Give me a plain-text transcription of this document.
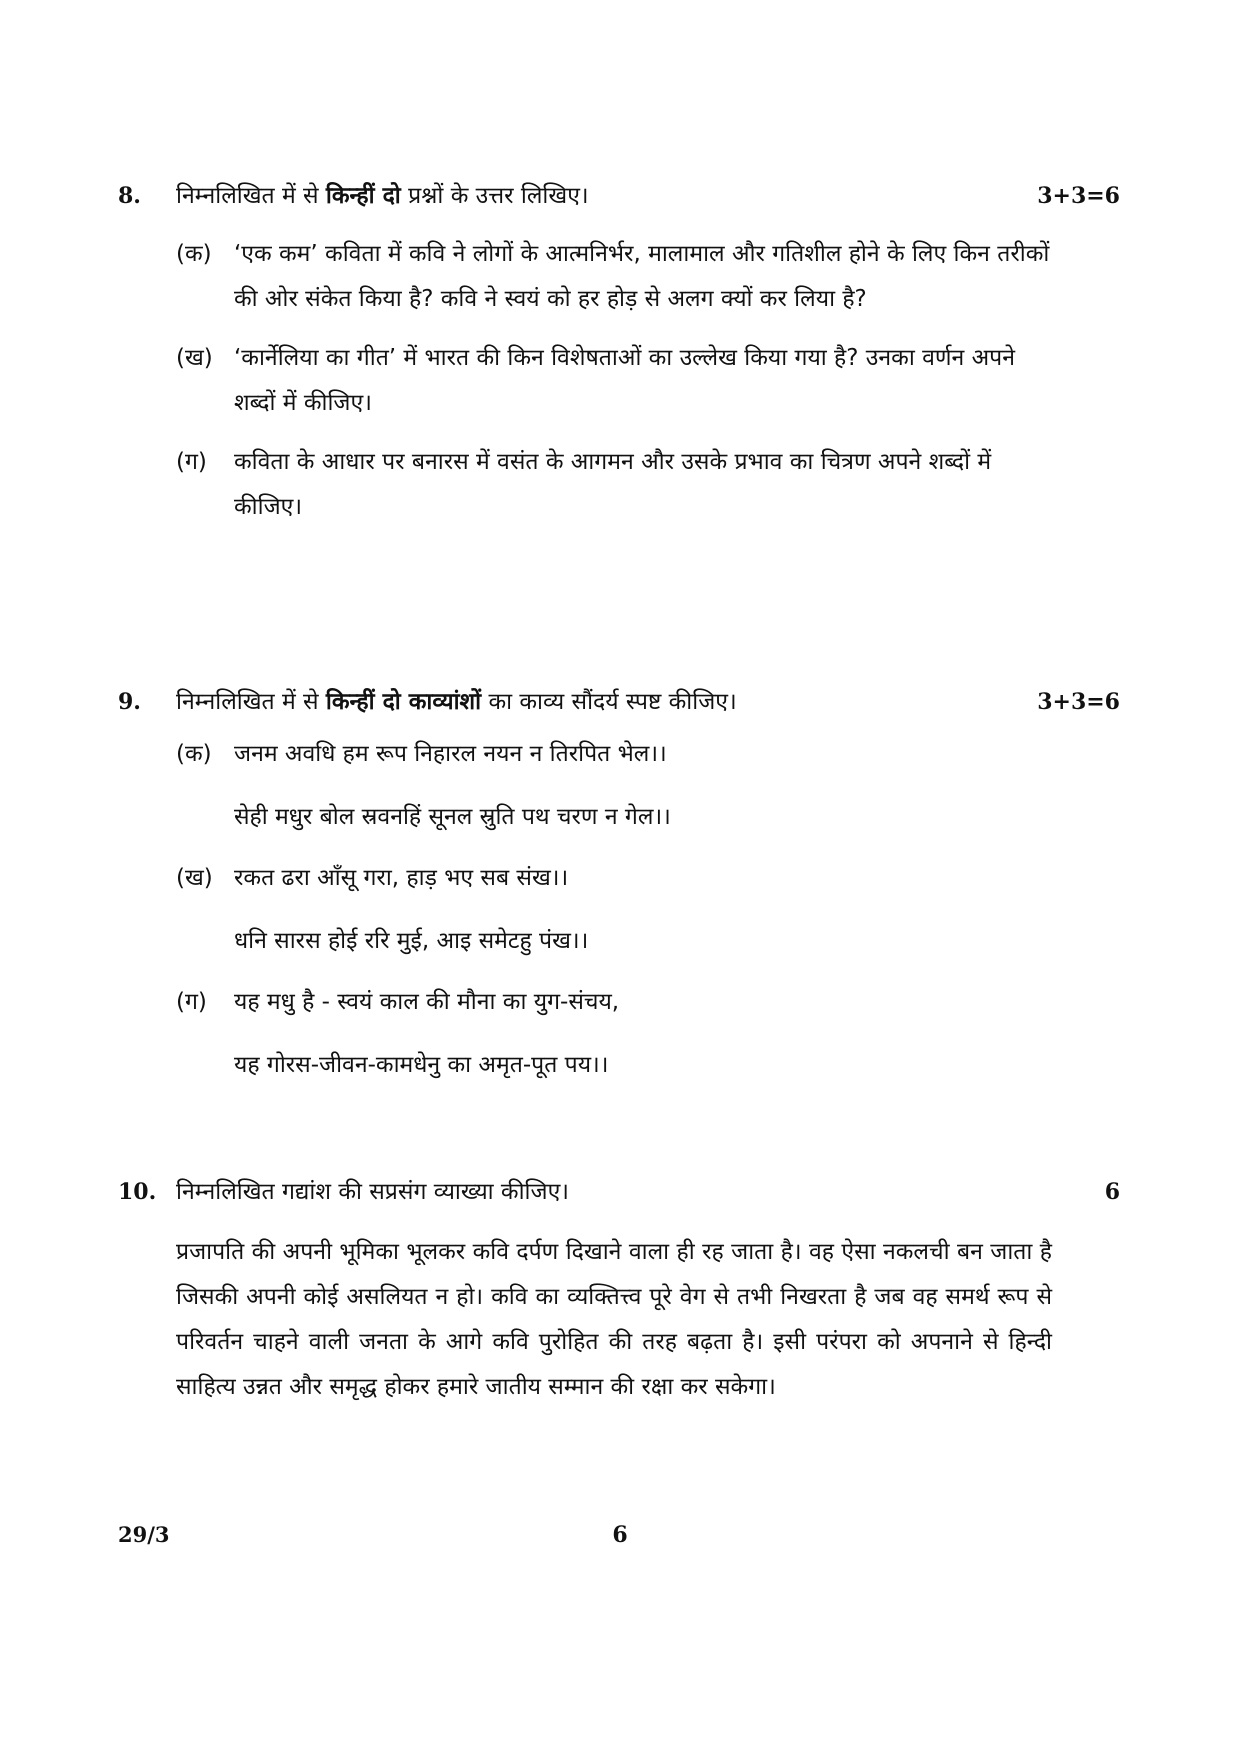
8. निम्नलिखित में से किन्हीं दो प्रश्नों के उत्तर लिखिए।	3+3=6
(क) ‘एक कम’ कविता में कवि ने लोगों के आत्मनिर्भर, मालामाल और गतिशील होने के लिए किन तरीकों की ओर संकेत किया है? कवि ने स्वयं को हर होड़ से अलग क्यों कर लिया है?
(ख) ‘कार्नेलिया का गीत’ में भारत की किन विशेषताओं का उल्लेख किया गया है? उनका वर्णन अपने शब्दों में कीजिए।
(ग) कविता के आधार पर बनारस में वसंत के आगमन और उसके प्रभाव का चित्रण अपने शब्दों में कीजिए।
9. निम्नलिखित में से किन्हीं दो काव्यांशों का काव्य सौंदर्य स्पष्ट कीजिए।	3+3=6
(क) जनम अवधि हम रूप निहारल नयन न तिरपित भेल।।
सेही मधुर बोल स्रवनहिं सूनल स्रुति पथ चरण न गेल।।
(ख) रकत ढरा आँसू गरा, हाड़ भए सब संख।।
धनि सारस होई ररि मुई, आइ समेटहु पंख।।
(ग) यह मधु है - स्वयं काल की मौना का युग-संचय,
यह गोरस-जीवन-कामधेनु का अमृत-पूत पय।।
10. निम्नलिखित गद्यांश की सप्रसंग व्याख्या कीजिए।	6
प्रजापति की अपनी भूमिका भूलकर कवि दर्पण दिखाने वाला ही रह जाता है। वह ऐसा नकलची बन जाता है जिसकी अपनी कोई असलियत न हो। कवि का व्यक्तित्त्व पूरे वेग से तभी निखरता है जब वह समर्थ रूप से परिवर्तन चाहने वाली जनता के आगे कवि पुरोहित की तरह बढ़ता है। इसी परंपरा को अपनाने से हिन्दी साहित्य उन्नत और समृद्ध होकर हमारे जातीय सम्मान की रक्षा कर सकेगा।
29/3	6
